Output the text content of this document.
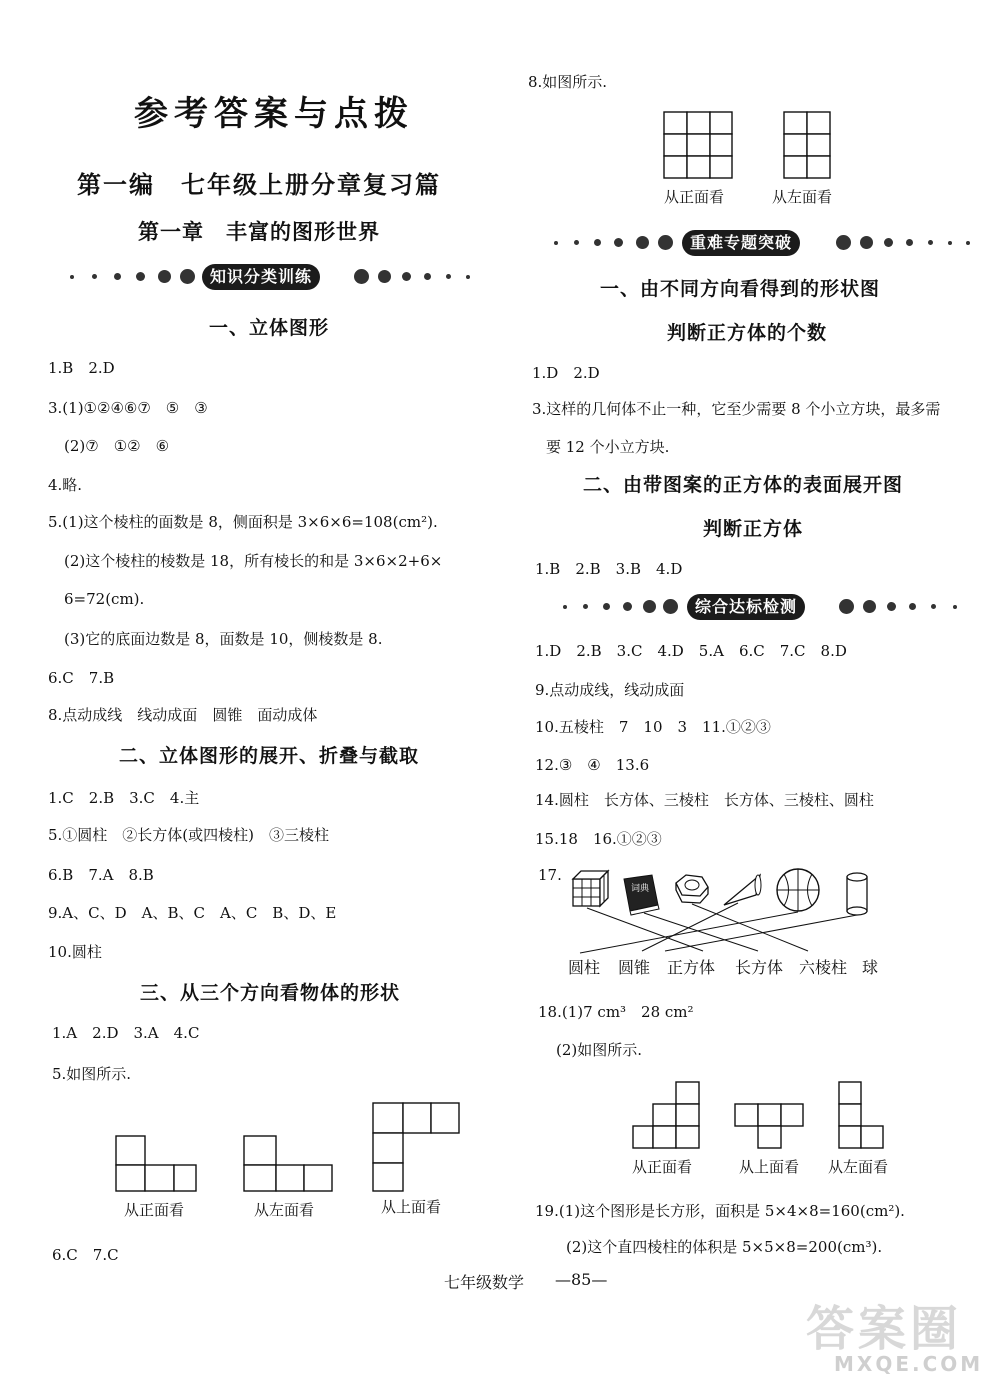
参考答案与点拨
第一编　七年级上册分章复习篇
第一章　丰富的图形世界
知识分类训练
一、立体图形
1.B　2.D
3.(1)①②④⑥⑦　⑤　③
(2)⑦　①②　⑥
4.略.
5.(1)这个棱柱的面数是 8，侧面积是 3×6×6=108(cm²).
(2)这个棱柱的棱数是 18，所有棱长的和是 3×6×2+6×
6=72(cm).
(3)它的底面边数是 8，面数是 10，侧棱数是 8.
6.C　7.B
8.点动成线　线动成面　圆锥　面动成体
二、立体图形的展开、折叠与截取
1.C　2.B　3.C　4.主
5.①圆柱　②长方体(或四棱柱)　③三棱柱
6.B　7.A　8.B
9.A、C、D　A、B、C　A、C　B、D、E
10.圆柱
三、从三个方向看物体的形状
1.A　2.D　3.A　4.C
5.如图所示.
从正面看	从左面看	从上面看
6.C　7.C
8.如图所示.
从正面看	从左面看
重难专题突破
一、由不同方向看得到的形状图
判断正方体的个数
1.D　2.D
3.这样的几何体不止一种，它至少需要 8 个小立方块，最多需
要 12 个小立方块.
二、由带图案的正方体的表面展开图
判断正方体
1.B　2.B　3.B　4.D
综合达标检测
1.D　2.B　3.C　4.D　5.A　6.C　7.C　8.D
9.点动成线，线动成面
10.五棱柱　7　10　3　11.①②③
12.③　④　13.6
14.圆柱　长方体、三棱柱　长方体、三棱柱、圆柱
15.18　16.①②③
17.
词典
圆柱 圆锥 正方体 长方体 六棱柱 球
18.(1)7 cm³　28 cm²
(2)如图所示.
从正面看	从上面看 从左面看
19.(1)这个图形是长方形，面积是 5×4×8=160(cm²).
(2)这个直四棱柱的体积是 5×5×8=200(cm³).
七年级数学 —85—
答案圈
MXQE.COM
